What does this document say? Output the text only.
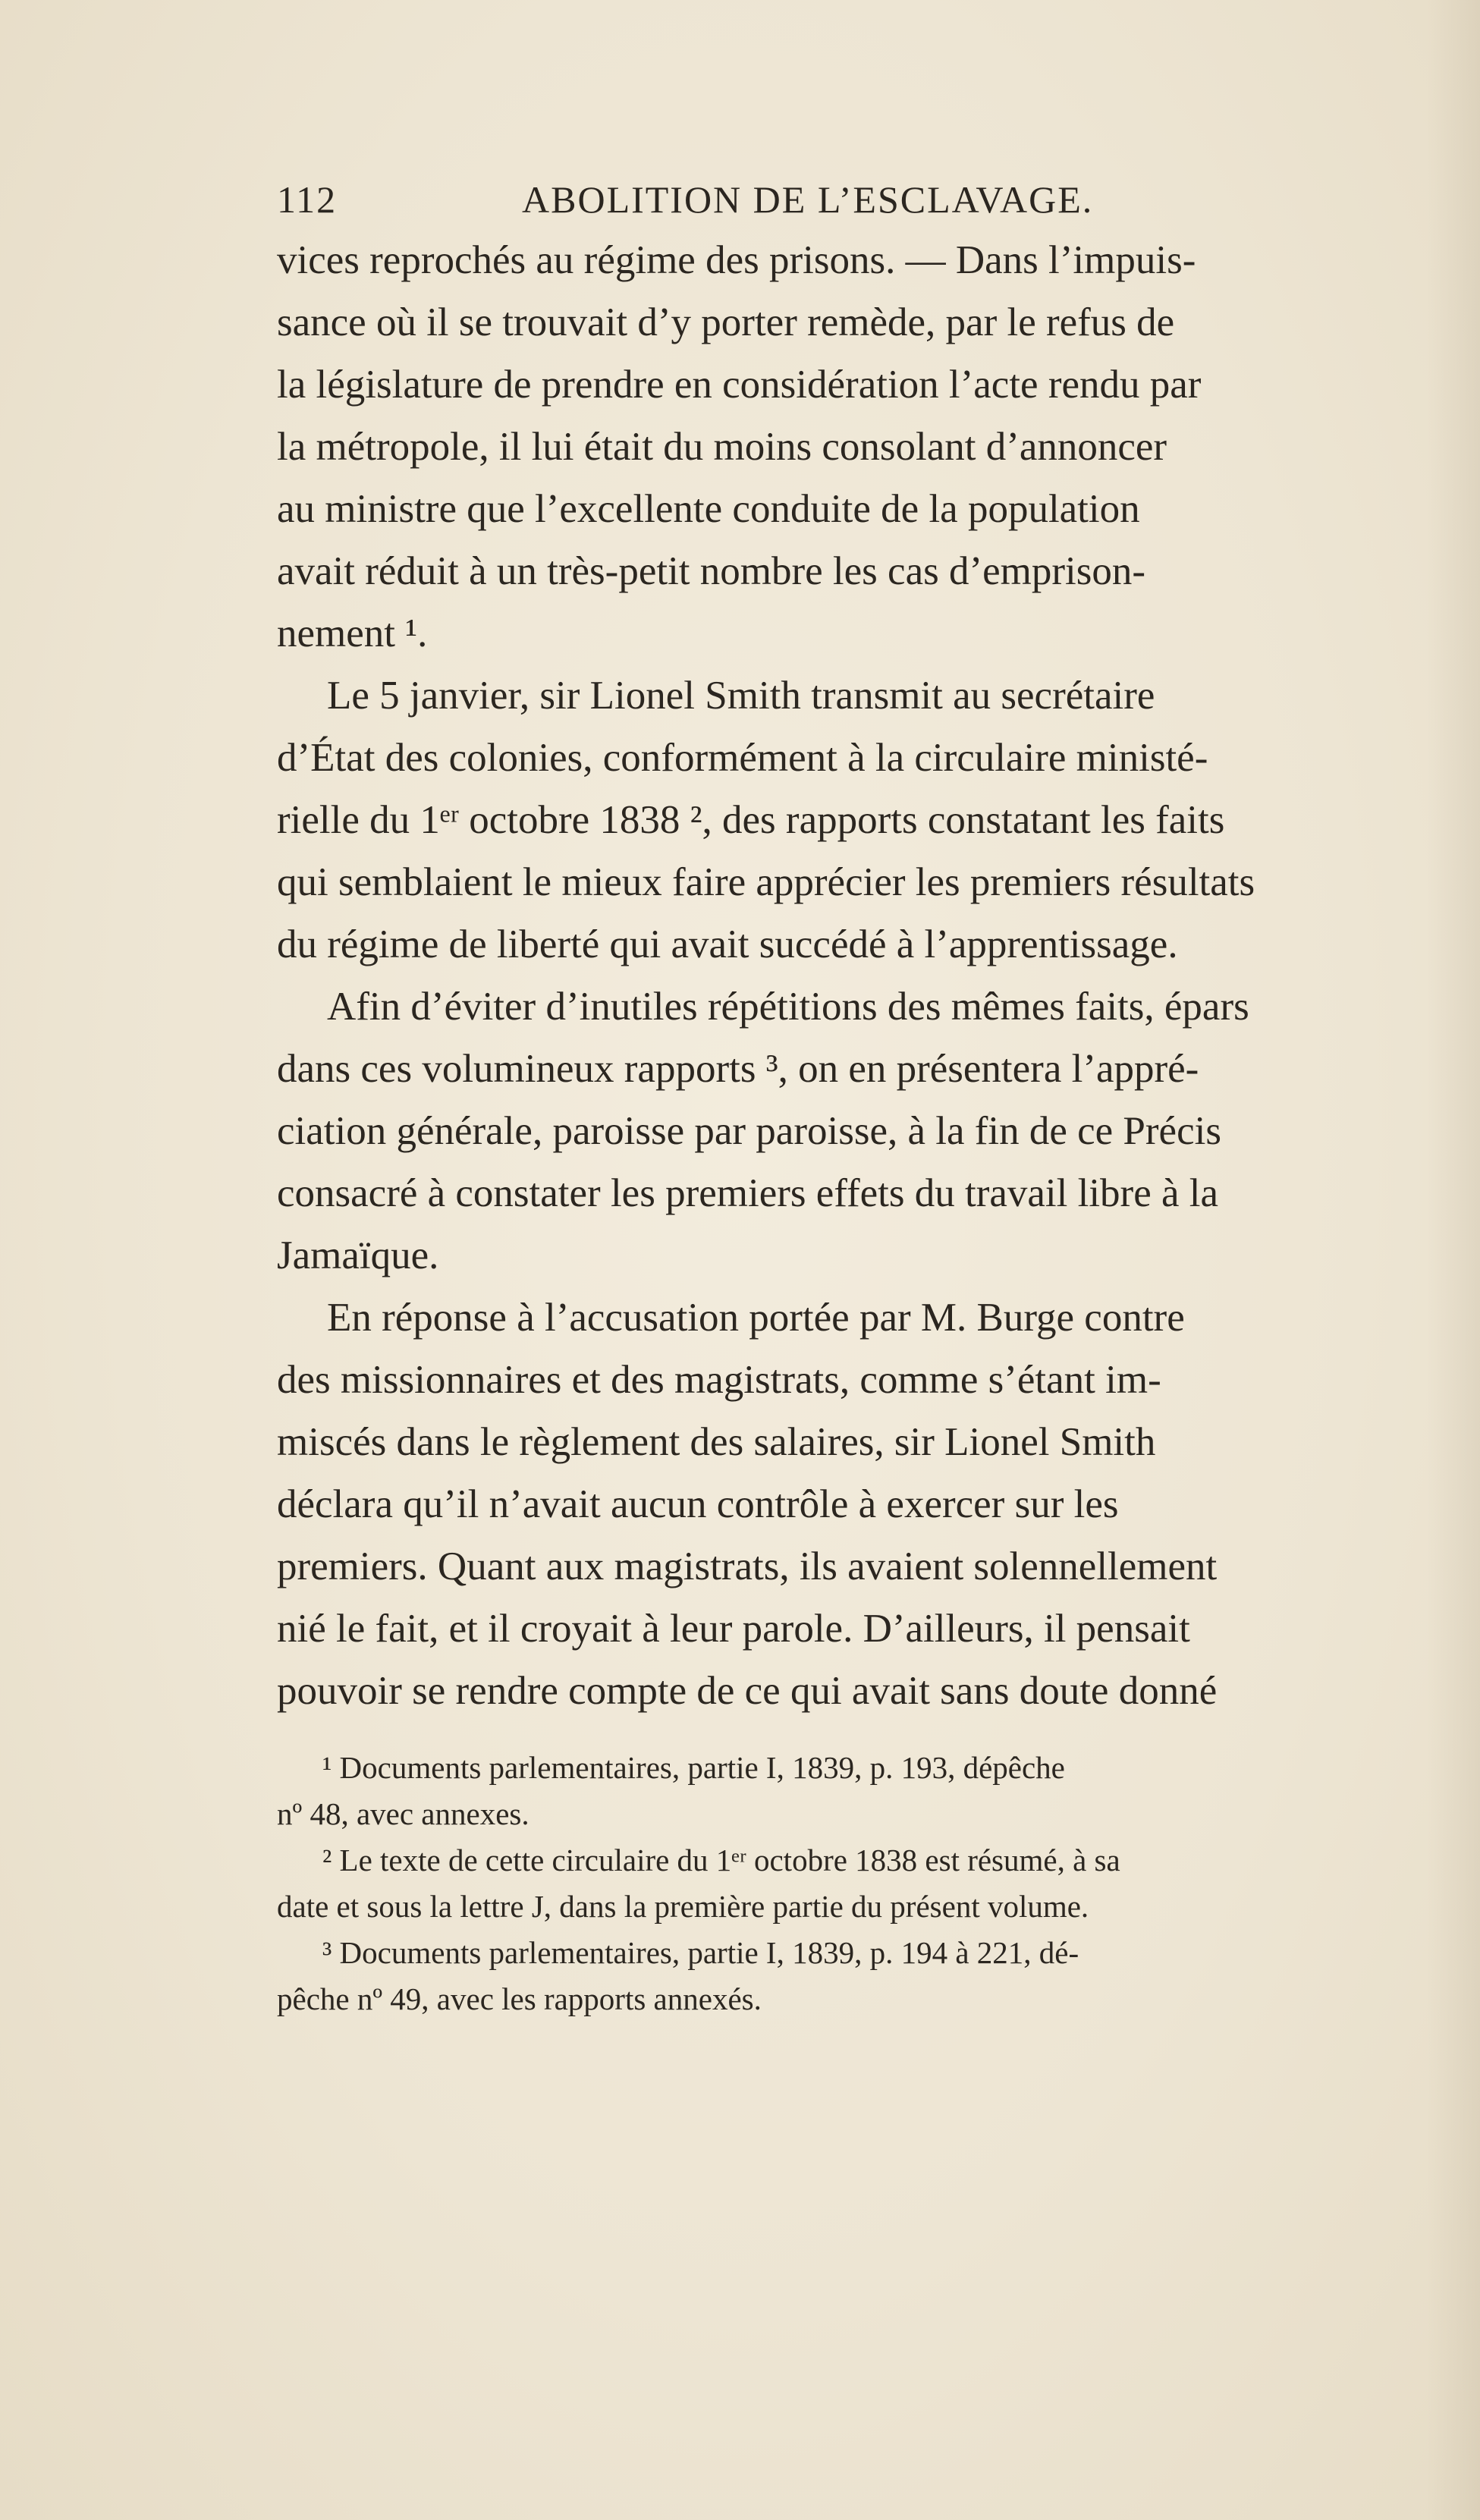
112	ABOLITION DE L’ESCLAVAGE.
vices reprochés au régime des prisons. — Dans l’impuis-
sance où il se trouvait d’y porter remède, par le refus de
la législature de prendre en considération l’acte rendu par
la métropole, il lui était du moins consolant d’annoncer
au ministre que l’excellente conduite de la population
avait réduit à un très-petit nombre les cas d’emprison-
nement ¹.
Le 5 janvier, sir Lionel Smith transmit au secrétaire
d’État des colonies, conformément à la circulaire ministé-
rielle du 1ᵉʳ octobre 1838 ², des rapports constatant les faits
qui semblaient le mieux faire apprécier les premiers résultats
du régime de liberté qui avait succédé à l’apprentissage.
Afin d’éviter d’inutiles répétitions des mêmes faits, épars
dans ces volumineux rapports ³, on en présentera l’appré-
ciation générale, paroisse par paroisse, à la fin de ce Précis
consacré à constater les premiers effets du travail libre à la
Jamaïque.
En réponse à l’accusation portée par M. Burge contre
des missionnaires et des magistrats, comme s’étant im-
miscés dans le règlement des salaires, sir Lionel Smith
déclara qu’il n’avait aucun contrôle à exercer sur les
premiers. Quant aux magistrats, ils avaient solennellement
nié le fait, et il croyait à leur parole. D’ailleurs, il pensait
pouvoir se rendre compte de ce qui avait sans doute donné
¹ Documents parlementaires, partie I, 1839, p. 193, dépêche
nº 48, avec annexes.
² Le texte de cette circulaire du 1ᵉʳ octobre 1838 est résumé, à sa
date et sous la lettre J, dans la première partie du présent volume.
³ Documents parlementaires, partie I, 1839, p. 194 à 221, dé-
pêche nº 49, avec les rapports annexés.
